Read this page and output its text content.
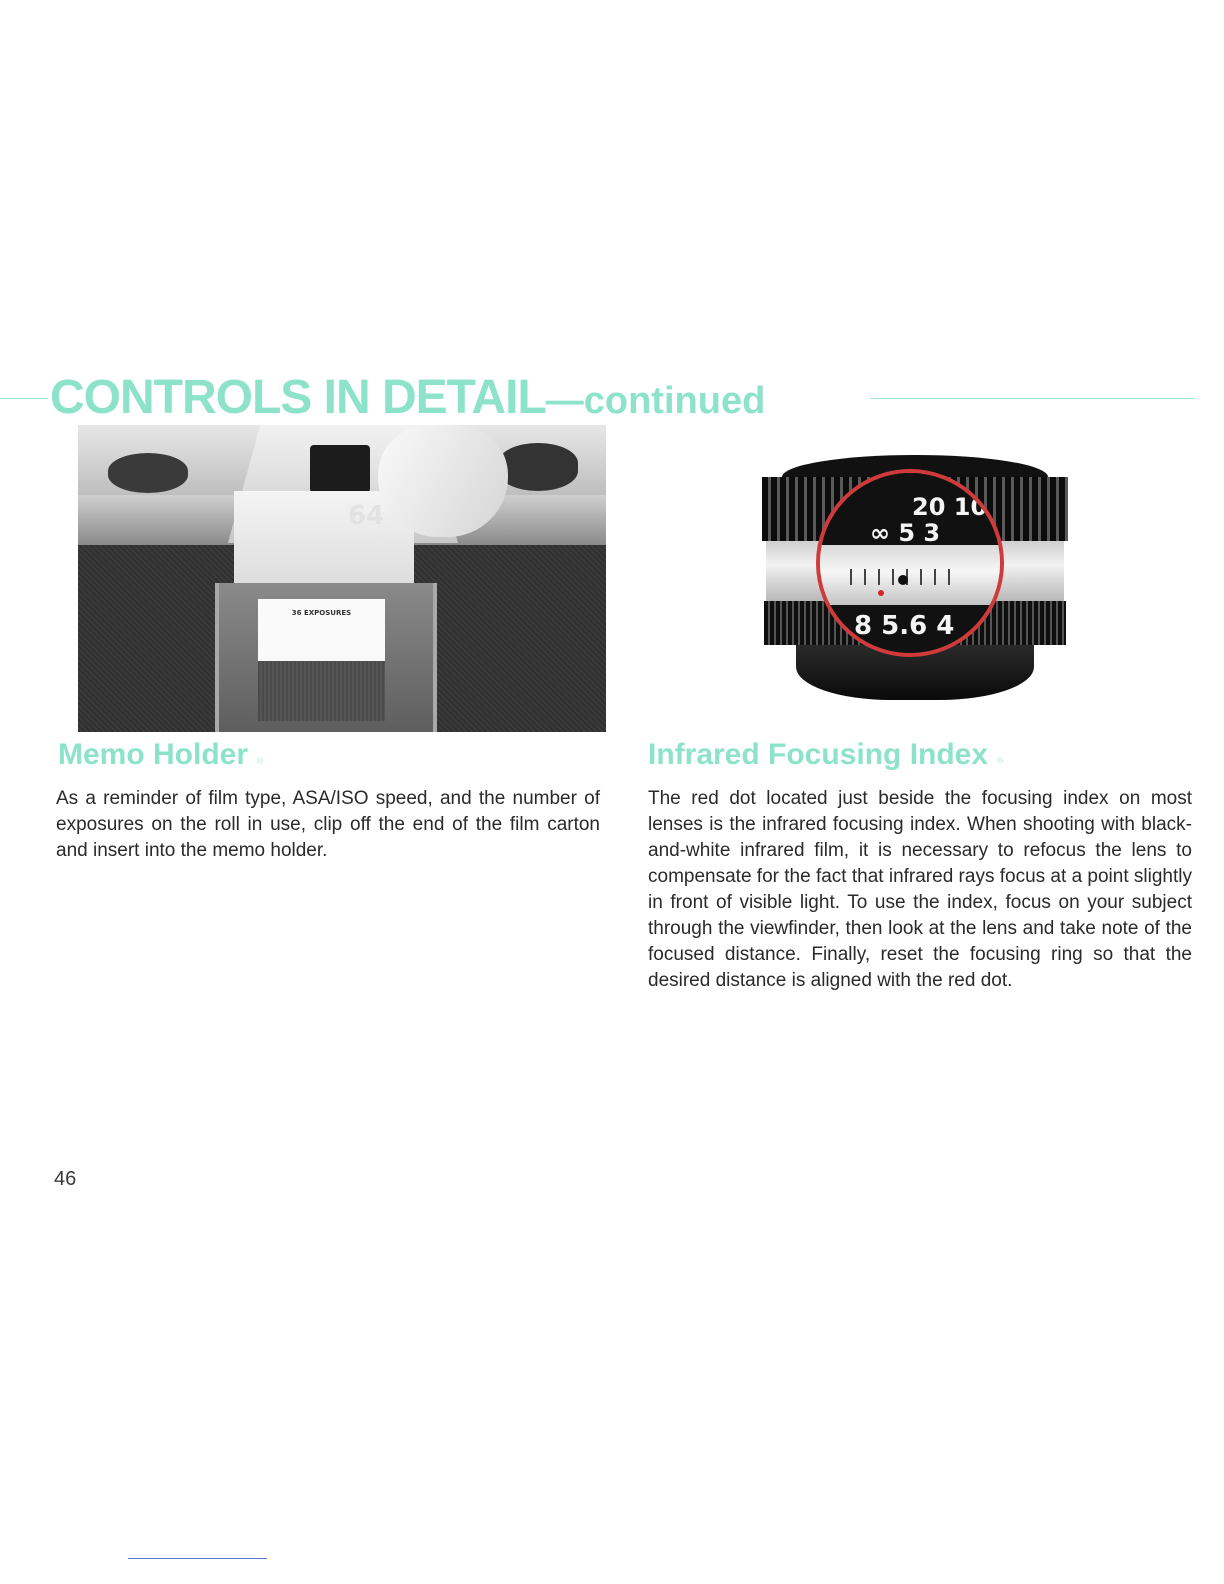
CONTROLS IN DETAIL—continued
64
36 EXPOSURES
20 10
∞ 5 3
8 5.6 4
Memo Holder »

As a reminder of film type, ASA/ISO speed, and the number of exposures on the roll in use, clip off the end of the film carton and insert into the memo holder.

Infrared Focusing Index »

The red dot located just beside the focusing index on most lenses is the infrared focusing index. When shooting with black-and-white infrared film, it is necessary to refocus the lens to compensate for the fact that infrared rays focus at a point slightly in front of visible light. To use the index, focus on your subject through the viewfinder, then look at the lens and take note of the focused distance. Finally, reset the focusing ring so that the desired distance is aligned with the red dot.

46
